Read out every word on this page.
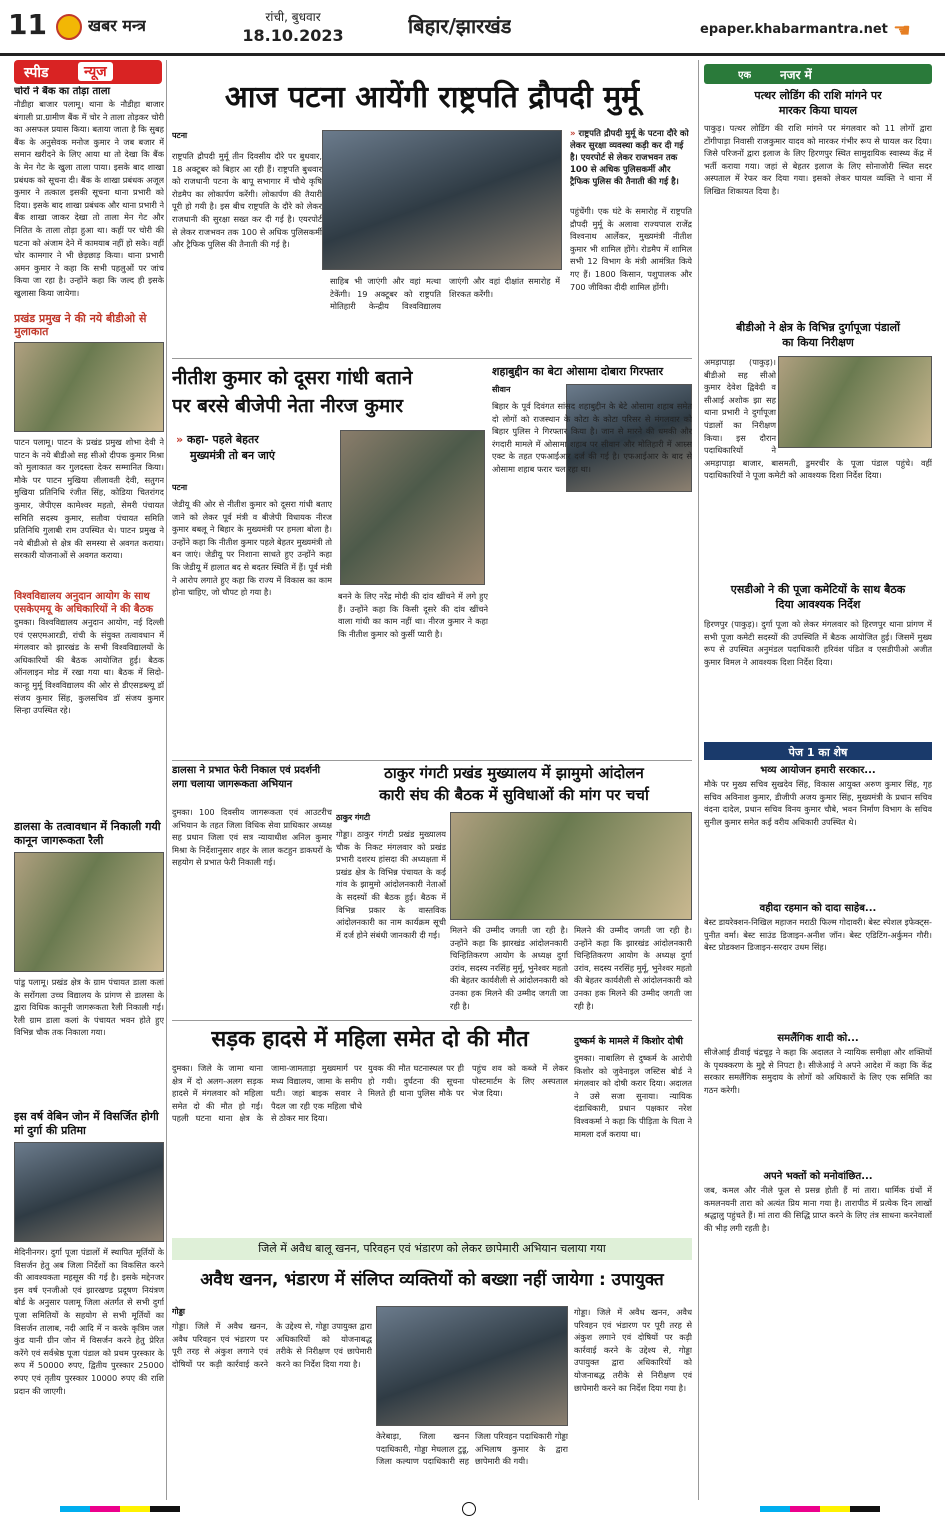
11	खबर मन्त्र	रांची, बुधवार
18.10.2023	बिहार/झारखंड	epaper.khabarmantra.net ☚
स्पीड	न्यूज
चोरों ने बैंक का तोड़ा ताला
नौडीहा बाजार पलामू। थाना के नौडीहा बाजार बंगाली प्रा.ग्रामीण बैंक में चोर ने ताला तोड़कर चोरी का असफल प्रयास किया। बताया जाता है कि सुबह बैंक के अनुसेवक मनोज कुमार ने जब बजार में समान खरीदने के लिए आया था तो देखा कि बैंक के मेन गेट के खुला ताला पाया। इसके बाद शाखा प्रबंधक को सूचना दी। बैंक के शाखा प्रबंधक अजूल कुमार ने तत्काल इसकी सूचना थाना प्रभारी को दिया। इसके बाद शाखा प्रबंधक और थाना प्रभारी ने बैंक शाखा जाकर देखा तो ताला मेन गेट और नितित के ताला तोड़ा हुआ था। कहीं पर चोरी की घटना को अंजाम देने में कामयाब नहीं हो सके। वहीं चोर कामगार ने भी छेड़छाड़ किया। थाना प्रभारी अमन कुमार ने कहा कि सभी पहलुओं पर जांच किया जा रहा है। उन्होंने कहा कि जल्द ही इसके खुलासा किया जायेगा।
प्रखंड प्रमुख ने की नये बीडीओ से मुलाकात
पाटन पलामू। पाटन के प्रखंड प्रमुख शोभा देवी ने पाटन के नये बीडीओ सह सीओ दीपक कुमार मिश्रा को मुलाकात कर गुलदस्ता देकर सम्मानित किया। मौके पर पाटन मुखिया लीलावती देवी, सतुगन मुखिया प्रतिनिधि रंजीत सिंह, कोडिया चितरांगद कुमार, जेपीएस कामेश्वर महतो, सेमरी पंचायत समिति सदस्य कुमार, सतौवा पंचायत समिति प्रतिनिधि गुलाबी राम उपस्थित थे। पाटन प्रमुख ने नये बीडीओ से क्षेत्र की समस्या से अवगत कराया। सरकारी योजनाओं से अवगत कराया।
विश्वविद्यालय अनुदान आयोग के साथ एसकेएमयू के अधिकारियों ने की बैठक
दुमका। विश्वविद्यालय अनुदान आयोग, नई दिल्ली एवं एसएमआरडी, रांची के संयुक्त तत्वावधान में मंगलवार को झारखंड के सभी विश्वविद्यालयों के अधिकारियों की बैठक आयोजित हुई। बैठक ऑनलाइन मोड में रखा गया था। बैठक में सिदो-कान्हू मुर्मू विश्वविद्यालय की ओर से डीएसडब्ल्यू डॉ संजय कुमार सिंह, कुलसचिव डॉ संजय कुमार सिन्हा उपस्थित रहे।
डालसा के तत्वावधान में निकाली गयी कानून जागरूकता रैली
पांडु पलामू। प्रखंड क्षेत्र के ग्राम पंचायत डाला कलां के सरोंगला उच्च विद्यालय के प्रांगण से डालसा के द्वारा विधिक कानूनी जागरूकता रैली निकाली गई। रैली ग्राम डाला कलां के पंचायत भवन होते हुए विभिन्न चौक तक निकाला गया।
इस वर्ष वेबिन जोन में विसर्जित होगी मां दुर्गा की प्रतिमा
मेदिनीनगर। दुर्गा पूजा पंडालों में स्थापित मूर्तियों के विसर्जन हेतु अब जिला निर्देशों का विकसित करने की आवश्यकता महसूस की गई है। इसके मद्देनजर इस वर्ष एनजीओ एवं झारखण्ड प्रदूषण नियंत्रण बोर्ड के अनुसार पलामू जिला अंतर्गत से सभी दुर्गा पूजा समितियों के सहयोग से सभी मूर्तियों का विसर्जन तालाब, नदी आदि में न करके कृत्रिम जल कुंड यानी ग्रीन जोन में विसर्जन करने हेतु प्रेरित करेंगे एवं सर्वश्रेष्ठ पूजा पंडाल को प्रथम पुरस्कार के रूप में 50000 रुपए, द्वितीय पुरस्कार 25000 रुपए एवं तृतीय पुरस्कार 10000 रुपए की राशि प्रदान की जाएगी।
आज पटना आयेंगी राष्ट्रपति द्रौपदी मुर्मू
पटना
राष्ट्रपति द्रौपदी मुर्मू तीन दिवसीय दौरे पर बुधवार, 18 अक्टूबर को बिहार आ रही हैं। राष्ट्रपति बुधवार को राजधानी पटना के बापू सभागार में चौथे कृषि रोडमैप का लोकार्पण करेंगी। लोकार्पण की तैयारी पूरी हो गयी है। इस बीच राष्ट्रपति के दौरे को लेकर राजधानी की सुरक्षा सख्त कर दी गई है। एयरपोर्ट से लेकर राजभवन तक 100 से अधिक पुलिसकर्मी और ट्रैफिक पुलिस की तैनाती की गई है।
» राष्ट्रपति द्रौपदी मुर्मू के पटना दौरे को लेकर सुरक्षा व्यवस्था कड़ी कर दी गई है। एयरपोर्ट से लेकर राजभवन तक 100 से अधिक पुलिसकर्मी और ट्रैफिक पुलिस की तैनाती की गई है।
साहिब भी जाएंगी और वहां मत्था टेकेंगी। 19 अक्टूबर को राष्ट्रपति मोतिहारी केन्द्रीय विश्वविद्यालय जाएंगी और वहां दीक्षांत समारोह में शिरकत करेंगी।
पहुंचेंगी। एक घंटे के समारोह में राष्ट्रपति द्रौपदी मुर्मू के अलावा राज्यपाल राजेंद्र विश्वनाथ आर्लेकर, मुख्यमंत्री नीतीश कुमार भी शामिल होंगे। रोडमैप में शामिल सभी 12 विभाग के मंत्री आमंत्रित किये गए हैं। 1800 किसान, पशुपालक और 700 जीविका दीदी शामिल होंगी।
नीतीश कुमार को दूसरा गांधी बताने
पर बरसे बीजेपी नेता नीरज कुमार
» कहा- पहले बेहतर
मुख्यमंत्री तो बन जाएं
पटना
जेडीयू की ओर से नीतीश कुमार को दूसरा गांधी बताए जाने को लेकर पूर्व मंत्री व बीजेपी विधायक नीरज कुमार बबलू ने बिहार के मुख्यमंत्री पर हमला बोला है। उन्होंने कहा कि नीतीश कुमार पहले बेहतर मुख्यमंत्री तो बन जाएं। जेडीयू पर निशाना साधते हुए उन्होंने कहा कि जेडीयू में हालात बद से बदतर स्थिति में हैं। पूर्व मंत्री ने आरोप लगाते हुए कहा कि राज्य में विकास का काम होना चाहिए, जो चौपट हो गया है।	बनने के लिए नरेंद्र मोदी की दांव खींचने में लगे हुए हैं। उन्होंने कहा कि किसी दूसरे की दांव खींचने वाला गांधी का काम नहीं था। नीरज कुमार ने कहा कि नीतीश कुमार को कुर्सी प्यारी है।
शहाबुद्दीन का बेटा ओसामा दोबारा गिरफ्तार
सीवान
बिहार के पूर्व दिवंगत सांसद शहाबुद्दीन के बेटे ओसामा शहाब समेत दो लोगों को राजस्थान के कोटा के कोटा परिसर से मंगलवार को बिहार पुलिस ने गिरफ्तार किया है। जान से मारने की धमकी और रंगदारी मामले में ओसामा शहाब पर सीवान और मोतिहारी में आम्र्स एक्ट के तहत एफआईआर दर्ज की गई है। एफआईआर के बाद से ओसामा शहाब फरार चल रहा था।
डालसा ने प्रभात फेरी निकाल एवं प्रदर्शनी
लगा चलाया जागरूकता अभियान
दुमका। 100 दिवसीय जागरूकता एवं आउटरीच अभियान के तहत जिला विधिक सेवा प्राधिकार अध्यक्ष सह प्रधान जिला एवं सत्र न्यायाधीश अनिल कुमार मिश्रा के निर्देशानुसार शहर के लाल कटहुन डाकघरों के सहयोग से प्रभात फेरी निकाली गई।
ठाकुर गंगटी प्रखंड मुख्यालय में झामुमो आंदोलन
कारी संघ की बैठक में सुविधाओं की मांग पर चर्चा
ठाकुर गंगटी
गोड्डा। ठाकुर गंगटी प्रखंड मुख्यालय चौक के निकट मंगलवार को प्रखंड प्रभारी दशरथ हांसदा की अध्यक्षता में प्रखंड क्षेत्र के विभिन्न पंचायत के कई गांव के झामुमो आंदोलनकारी नेताओं के सदस्यों की बैठक हुई। बैठक में विभिन्न प्रकार के वास्तविक आंदोलनकारी का नाम कार्यक्रम सूची में दर्ज होने संबंधी जानकारी दी गई।	मिलने की उम्मीद जगती जा रही है। उन्होंने कहा कि झारखंड आंदोलनकारी चिन्हितिकरण आयोग के अध्यक्ष दुर्गा उरांव, सदस्य नरसिंह मुर्मू, भुनेश्वर महतो की बेहतर कार्यशैली से आंदोलनकारी को उनका हक मिलने की उम्मीद जगती जा रही है।
मिलने की उम्मीद जगती जा रही है। उन्होंने कहा कि झारखंड आंदोलनकारी चिन्हितिकरण आयोग के अध्यक्ष दुर्गा उरांव, सदस्य नरसिंह मुर्मू, भुनेश्वर महतो की बेहतर कार्यशैली से आंदोलनकारी को उनका हक मिलने की उम्मीद जगती जा रही है।
सड़क हादसे में महिला समेत दो की मौत
दुमका। जिले के जामा थाना क्षेत्र में दो अलग-अलग सड़क हादसे में मंगलवार को महिला समेत दो की मौत हो गई। पहली घटना थाना क्षेत्र के जामा-जामताड़ा मुख्यमार्ग पर मध्य विद्यालय, जामा के समीप घटी। जहां बाइक सवार ने पैदल जा रही एक महिला चौथे से ठोकर मार दिया।
युवक की मौत घटनास्थल पर ही हो गयी। दुर्घटना की सूचना मिलते ही थाना पुलिस मौके पर पहुंच शव को कब्जे में लेकर पोस्टमार्टम के लिए अस्पताल भेज दिया।
दुष्कर्म के मामले में किशोर दोषी
दुमका। नाबालिग से दुष्कर्म के आरोपी किशोर को जुवेनाइल जस्टिस बोर्ड ने मंगलवार को दोषी करार दिया। अदालत ने उसे सजा सुनाया। न्यायिक दंडाधिकारी, प्रधान पक्षकार नरेश विश्वकर्मा ने कहा कि पीड़िता के पिता ने मामला दर्ज कराया था।
जिले में अवैध बालू खनन, परिवहन एवं भंडारण को लेकर छापेमारी अभियान चलाया गया
अवैध खनन, भंडारण में संलिप्त व्यक्तियों को बख्शा नहीं जायेगा : उपायुक्त
गोड्डा
गोड्डा। जिले में अवैध खनन, अवैध परिवहन एवं भंडारण पर पूरी तरह से अंकुश लगाने एवं दोषियों पर कड़ी कार्रवाई करने के उद्देश्य से, गोड्डा उपायुक्त द्वारा अधिकारियों को योजनाबद्ध तरीके से निरीक्षण एवं छापेमारी करने का निर्देश दिया गया है।
केरेबाड़ा, जिला खनन पदाधिकारी, गोड्डा मेघलाल टुडू, जिला कल्याण पदाधिकारी सह जिला परिवहन पदाधिकारी गोड्डा अभिलाष कुमार के द्वारा छापेमारी की गयी।
गोड्डा। जिले में अवैध खनन, अवैध परिवहन एवं भंडारण पर पूरी तरह से अंकुश लगाने एवं दोषियों पर कड़ी कार्रवाई करने के उद्देश्य से, गोड्डा उपायुक्त द्वारा अधिकारियों को योजनाबद्ध तरीके से निरीक्षण एवं छापेमारी करने का निर्देश दिया गया है।
एक नजर में
पत्थर लोडिंग की राशि मांगने पर
मारकर किया घायल
पाकुड़। पत्थर लोडिंग की राशि मांगने पर मंगलवार को 11 लोगों द्वारा टोंगीपाड़ा निवासी राजकुमार यादव को मारकर गंभीर रूप से घायल कर दिया। जिसे परिजनों द्वारा इलाज के लिए हिरणपुर स्थित सामुदायिक स्वास्थ्य केंद्र में भर्ती कराया गया। जहां से बेहतर इलाज के लिए सोनाजोरी स्थित सदर अस्पताल में रेफर कर दिया गया। इसको लेकर घायल व्यक्ति ने थाना में लिखित शिकायत दिया है।
बीडीओ ने क्षेत्र के विभिन्न दुर्गापूजा पंडालों
का किया निरीक्षण
अमड़ापाड़ा (पाकुड़)। बीडीओ सह सीओ कुमार देवेश द्विवेदी व सीआई अशोक झा सह थाना प्रभारी ने दुर्गापूजा पंडालों का निरीक्षण किया। इस दौरान पदाधिकारियों ने अमड़ापाड़ा बाजार, बासमती, डुमरचीर के पूजा पंडाल पहुंचे। वहीं पदाधिकारियों ने पूजा कमेटी को आवश्यक दिशा निर्देश दिया।
एसडीओ ने की पूजा कमेटियों के साथ बैठक
दिया आवश्यक निर्देश
हिरणपुर (पाकुड़)। दुर्गा पूजा को लेकर मंगलवार को हिरणपुर थाना प्रांगण में सभी पूजा कमेटी सदस्यों की उपस्थिति में बैठक आयोजित हुई। जिसमें मुख्य रूप से उपस्थित अनुमंडल पदाधिकारी हरिवंश पंडित व एसडीपीओ अजीत कुमार विमल ने आवश्यक दिशा निर्देश दिया।
पेज 1 का शेष
भव्य आयोजन हमारी सरकार...
मौके पर मुख्य सचिव सुखदेव सिंह, विकास आयुक्त अरुण कुमार सिंह, गृह सचिव अविनाश कुमार, डीजीपी अजय कुमार सिंह, मुख्यमंत्री के प्रधान सचिव वंदना दादेल, प्रधान सचिव विनय कुमार चौबे, भवन निर्माण विभाग के सचिव सुनील कुमार समेत कई वरीय अधिकारी उपस्थित थे।
वहीदा रहमान को दादा साहेब...
बेस्ट डायरेक्शन-निखिल महाजन मराठी फिल्म गोदावरी। बेस्ट स्पेशल इफेक्ट्स-पुनीत वर्मा। बेस्ट साउंड डिजाइन-अनीश जॉन। बेस्ट एडिटिंग-अर्कुमन गौरी। बेस्ट प्रोडक्शन डिजाइन-सरदार उधम सिंह।
समलैंगिक शादी को...
सीजेआई डीवाई चंद्रचूड़ ने कहा कि अदालत ने न्यायिक समीक्षा और शक्तियों के पृथक्करण के मुद्दे से निपटा है। सीजेआई ने अपने आदेश में कहा कि केंद्र सरकार समलैंगिक समुदाय के लोगों को अधिकारों के लिए एक समिति का गठन करेगी।
अपने भक्तों को मनोवांछित...
जब, कमल और नीले फूल से प्रसन्न होती हैं मां तारा। धार्मिक ग्रंथों में कमलनयनी तारा को अत्यंत प्रिय माना गया है। तारापीठ में प्रत्येक दिन लाखों श्रद्धालु पहुंचते हैं। मां तारा की सिद्धि प्राप्त करने के लिए तंत्र साधना करनेवालों की भीड़ लगी रहती है।
